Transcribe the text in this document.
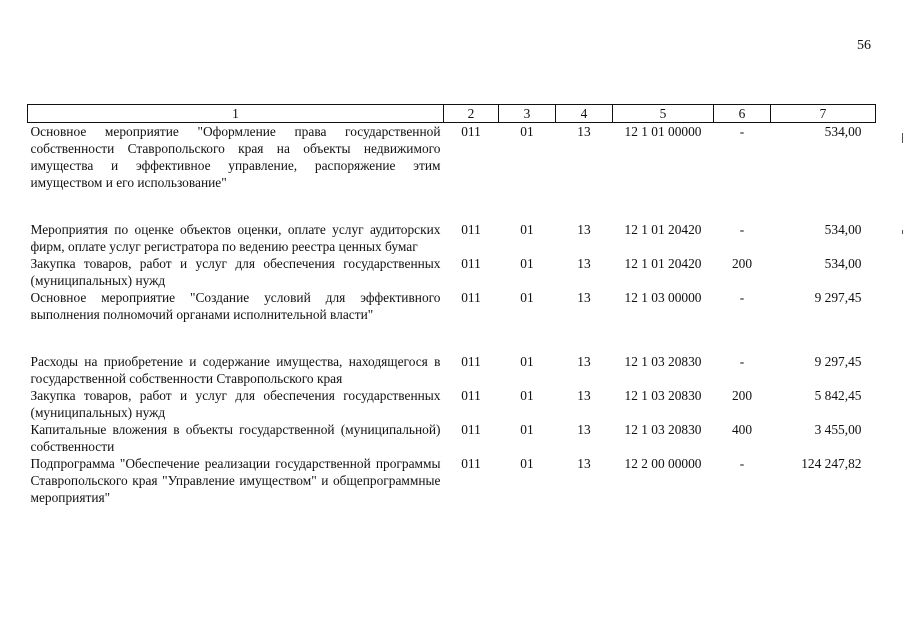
56
1	2	3	4	5	6	7
Основное мероприятие "Оформление права государственной собственности Ставропольского края на объекты недвижимого имущества и эффективное управление, распоряжение этим имуществом и его использование"	011	01	13	12 1 01 00000	-	534,00
Мероприятия по оценке объектов оценки, оплате услуг аудиторских фирм, оплате услуг регистратора по ведению реестра ценных бумаг	011	01	13	12 1 01 20420	-	534,00
Закупка товаров, работ и услуг для обеспечения государственных (муниципальных) нужд	011	01	13	12 1 01 20420	200	534,00
Основное мероприятие "Создание условий для эффективного выполнения полномочий органами исполнительной власти"	011	01	13	12 1 03 00000	-	9 297,45
Расходы на приобретение и содержание имущества, находящегося в государственной собственности Ставропольского края	011	01	13	12 1 03 20830	-	9 297,45
Закупка товаров, работ и услуг для обеспечения государственных (муниципальных) нужд	011	01	13	12 1 03 20830	200	5 842,45
Капитальные вложения в объекты государственной (муниципальной) собственности	011	01	13	12 1 03 20830	400	3 455,00
Подпрограмма "Обеспечение реализации государственной программы Ставропольского края "Управление имуществом" и общепрограммные мероприятия"	011	01	13	12 2 00 00000	-	124 247,82
